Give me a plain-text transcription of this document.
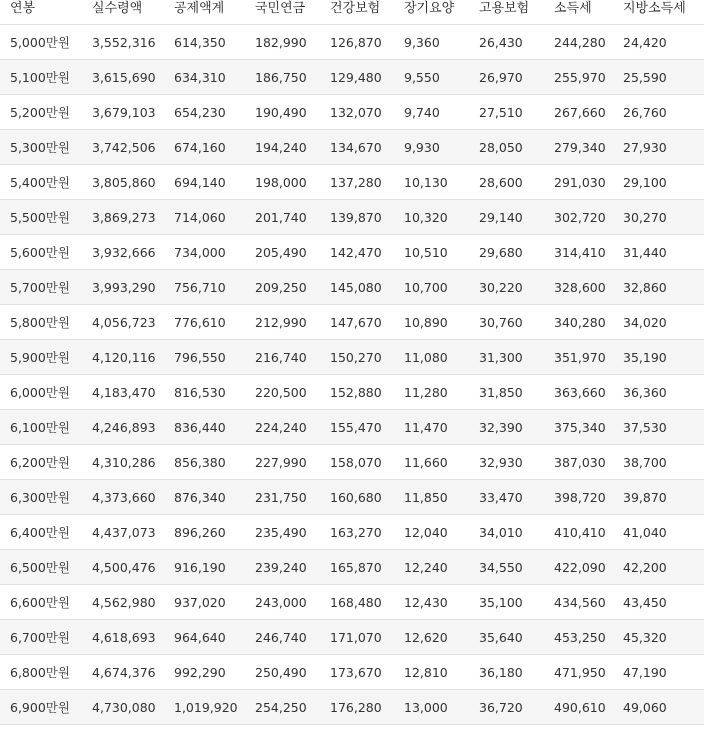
연봉	실수령액	공제액계	국민연금	건강보험	장기요양	고용보험	소득세	지방소득세
5,000만원	3,552,316	614,350	182,990	126,870	9,360	26,430	244,280	24,420
5,100만원	3,615,690	634,310	186,750	129,480	9,550	26,970	255,970	25,590
5,200만원	3,679,103	654,230	190,490	132,070	9,740	27,510	267,660	26,760
5,300만원	3,742,506	674,160	194,240	134,670	9,930	28,050	279,340	27,930
5,400만원	3,805,860	694,140	198,000	137,280	10,130	28,600	291,030	29,100
5,500만원	3,869,273	714,060	201,740	139,870	10,320	29,140	302,720	30,270
5,600만원	3,932,666	734,000	205,490	142,470	10,510	29,680	314,410	31,440
5,700만원	3,993,290	756,710	209,250	145,080	10,700	30,220	328,600	32,860
5,800만원	4,056,723	776,610	212,990	147,670	10,890	30,760	340,280	34,020
5,900만원	4,120,116	796,550	216,740	150,270	11,080	31,300	351,970	35,190
6,000만원	4,183,470	816,530	220,500	152,880	11,280	31,850	363,660	36,360
6,100만원	4,246,893	836,440	224,240	155,470	11,470	32,390	375,340	37,530
6,200만원	4,310,286	856,380	227,990	158,070	11,660	32,930	387,030	38,700
6,300만원	4,373,660	876,340	231,750	160,680	11,850	33,470	398,720	39,870
6,400만원	4,437,073	896,260	235,490	163,270	12,040	34,010	410,410	41,040
6,500만원	4,500,476	916,190	239,240	165,870	12,240	34,550	422,090	42,200
6,600만원	4,562,980	937,020	243,000	168,480	12,430	35,100	434,560	43,450
6,700만원	4,618,693	964,640	246,740	171,070	12,620	35,640	453,250	45,320
6,800만원	4,674,376	992,290	250,490	173,670	12,810	36,180	471,950	47,190
6,900만원	4,730,080	1,019,920	254,250	176,280	13,000	36,720	490,610	49,060
